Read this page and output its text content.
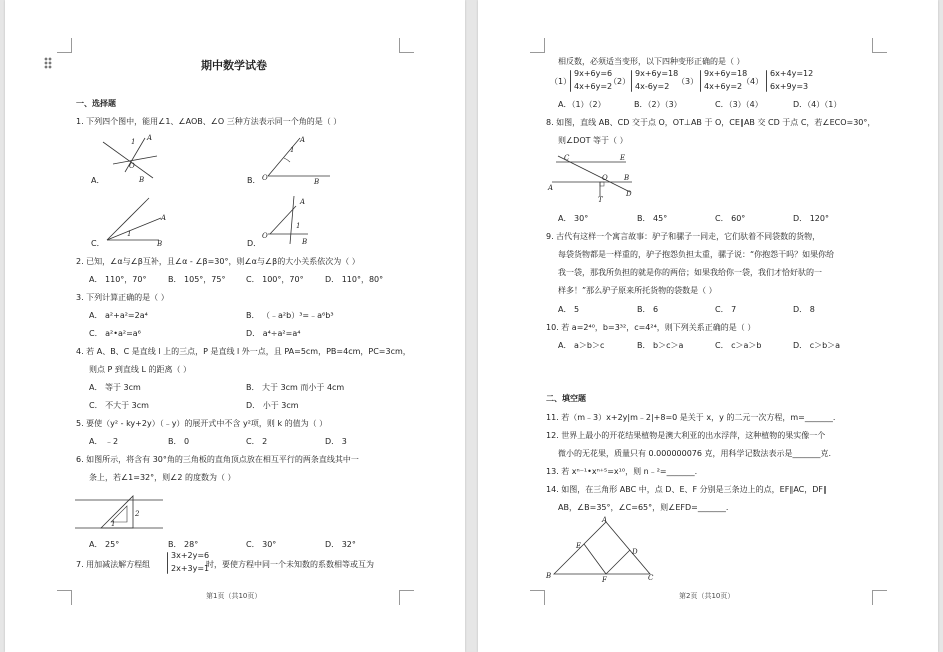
期中数学试卷
一、选择题
1. 下列四个图中，能用∠1、∠AOB、∠O 三种方法表示同一个角的是（ ）
O
B
1 A
A．	O	B
1
A
B．
1
B
A
C．
O
A
1
B
D．
2. 已知，∠α与∠β互补，且∠α - ∠β=30°，则∠α与∠β的大小关系依次为（ ）
A． 110°，70°	B． 105°，75°	C． 100°，70°	D． 110°，80°
3. 下列计算正确的是（ ）
A． a²+a²=2a⁴	B． （﹣a²b）³=﹣a⁶b³
C． a²•a²=a⁶	D． a⁴÷a²=a⁴
4. 若 A、B、C 是直线 l 上的三点，P 是直线 l 外一点，且 PA=5cm，PB=4cm，PC=3cm，
则点 P 到直线 L 的距离（ ）
A． 等于 3cm	B． 大于 3cm 而小于 4cm
C． 不大于 3cm	D． 小于 3cm
5. 要使（y² - ky+2y）（﹣y）的展开式中不含 y²项，则 k 的值为（ ）
A． ﹣2	B． 0	C． 2	D． 3
6. 如图所示，将含有 30°角的三角板的直角顶点放在相互平行的两条直线其中一
条上，若∠1=32°，则∠2 的度数为（ ）
2
1
A． 25°	B． 28°	C． 30°	D． 32°
7. 用加减法解方程组
3x+2y=6
2x+3y=1
时，要使方程中同一个未知数的系数相等或互为
第1页（共10页）
相反数，必须适当变形，以下四种变形正确的是（ ）
（1）
9x+6y=6
4x+6y=2
（2）
9x+6y=18
4x-6y=2
（3）
9x+6y=18
4x+6y=2
（4）
6x+4y=12
6x+9y=3
A．（1）（2）	B．（2）（3）	C．（3）（4）	D．（4）（1）
8. 如图，直线 AB、CD 交于点 O，OT⊥AB 于 O，CE∥AB 交 CD 于点 C，若∠ECO=30°，
则∠DOT 等于（ ）
C	E
A
O B
D
T
A． 30°	B． 45°	C． 60°	D． 120°
9. 古代有这样一个寓言故事：驴子和骡子一同走，它们驮着不同袋数的货物，
每袋货物都是一样重的，驴子抱怨负担太重，骡子说：“你抱怨干吗？如果你给
我一袋，那我所负担的就是你的两倍；如果我给你一袋，我们才恰好驮的一
样多！”那么驴子原来所托货物的袋数是（ ）
A． 5	B． 6	C． 7	D． 8
10. 若 a=2⁴⁰，b=3³²，c=4²⁴，则下列关系正确的是（ ）
A． a＞b＞c	B． b＞c＞a	C． c＞a＞b	D． c＞b＞a
二、填空题
11. 若（m﹣3）x+2y|m﹣2|+8=0 是关于 x，y 的二元一次方程，m=_______.
12. 世界上最小的开花结果植物是澳大利亚的出水浮萍，这种植物的果实像一个
微小的无花果，质量只有 0.000000076 克，用科学记数法表示是_______克.
13. 若 xⁿ⁻¹•xⁿ⁺⁵=x¹⁰，则 n﹣²=_______.
14. 如图，在三角形 ABC 中，点 D、E、F 分别是三条边上的点，EF∥AC，DF∥
AB，∠B=35°，∠C=65°，则∠EFD=_______.
A
B	C
E
D
F
第2页（共10页）
